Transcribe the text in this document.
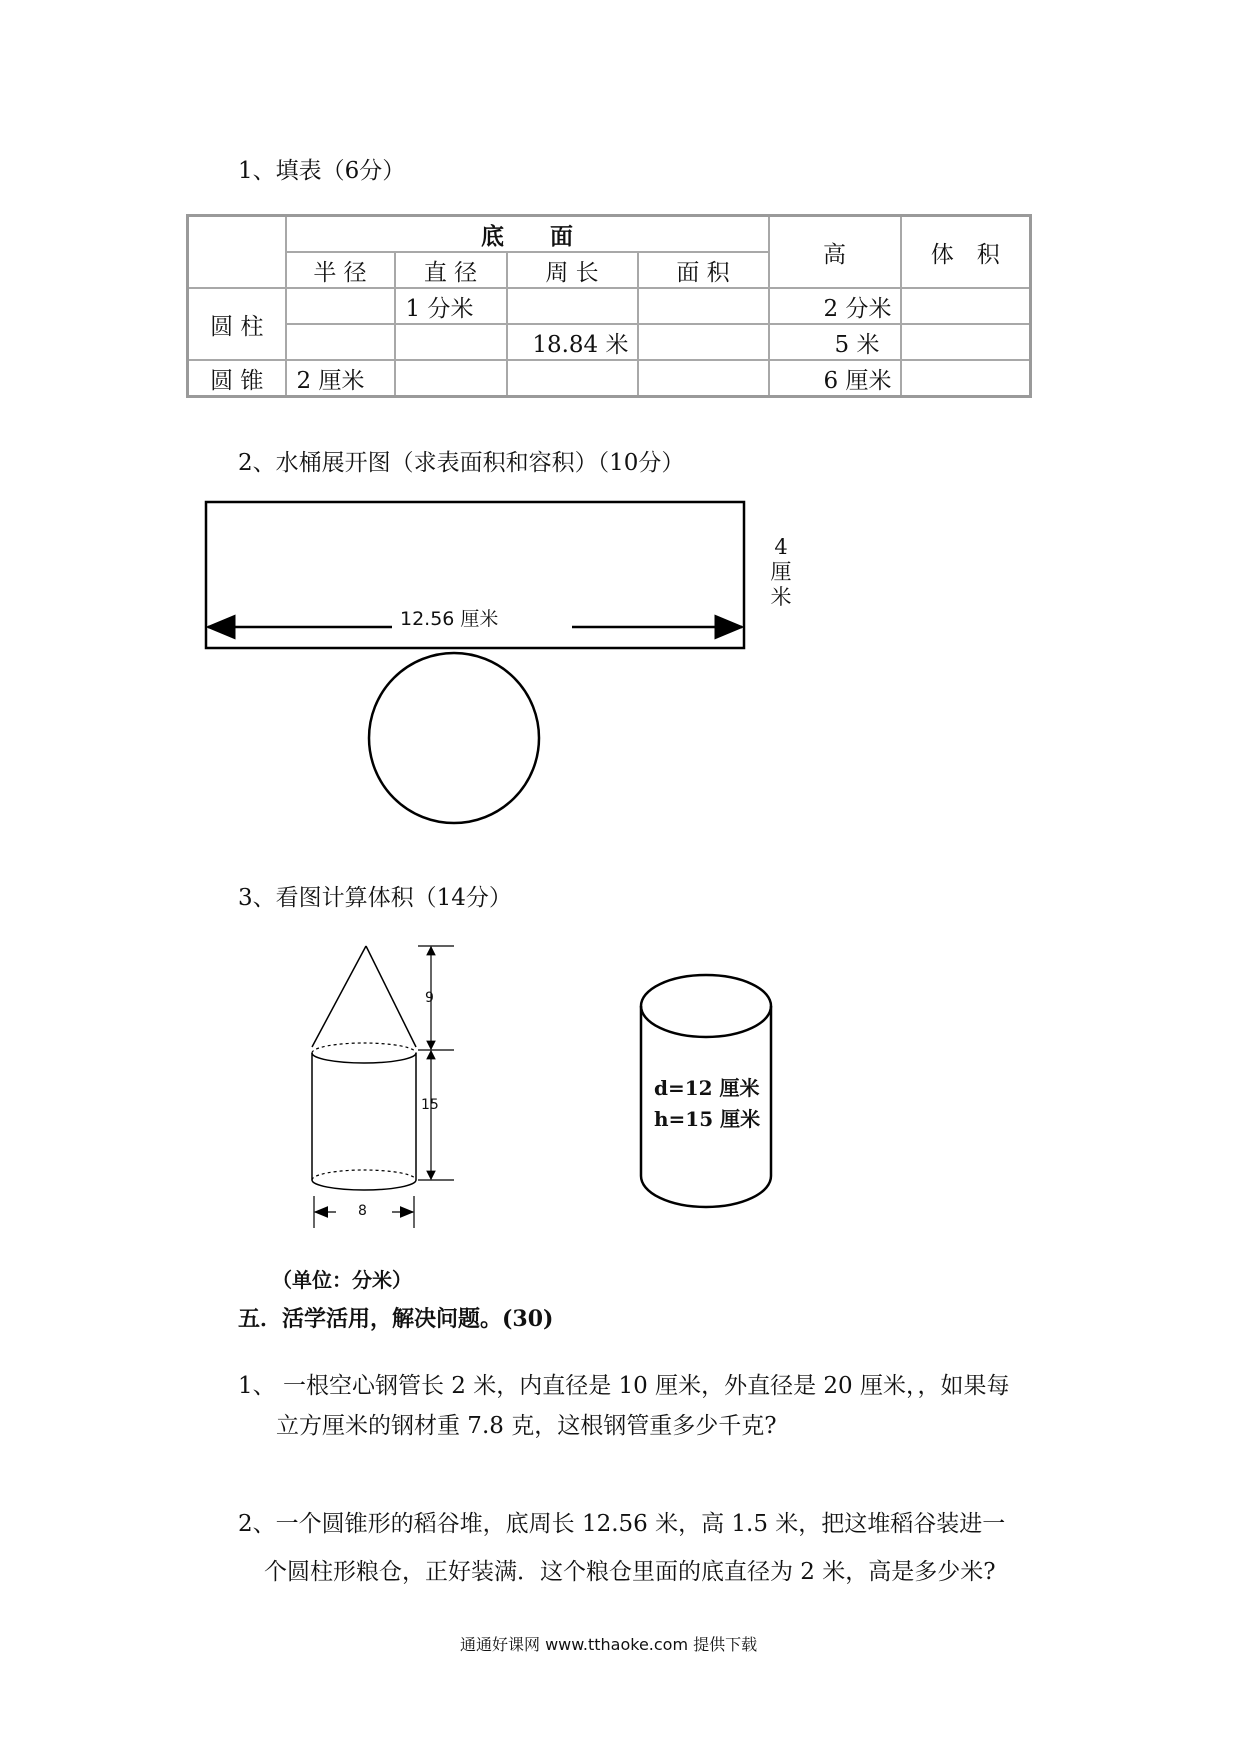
1、填表（6分）
	底　　面				高	体　积
	半 径	直 径	周 长	面 积		
圆 柱		1 分米			2 分米	
			18.84 米		5 米	
圆 锥	2 厘米				6 厘米	
2、水桶展开图（求表面积和容积）（10分）
12.56 厘米
4厘米
3、看图计算体积（14分）
9
15
8
d=12 厘米
h=15 厘米
（单位：分米）
五．活学活用，解决问题。(30)
1、 一根空心钢管长 2 米，内直径是 10 厘米，外直径是 20 厘米，，如果每
立方厘米的钢材重 7.8 克，这根钢管重多少千克?
2、一个圆锥形的稻谷堆，底周长 12.56 米，高 1.5 米，把这堆稻谷装进一
个圆柱形粮仓，正好装满．这个粮仓里面的底直径为 2 米，高是多少米?
通通好课网 www.tthaoke.com 提供下载
